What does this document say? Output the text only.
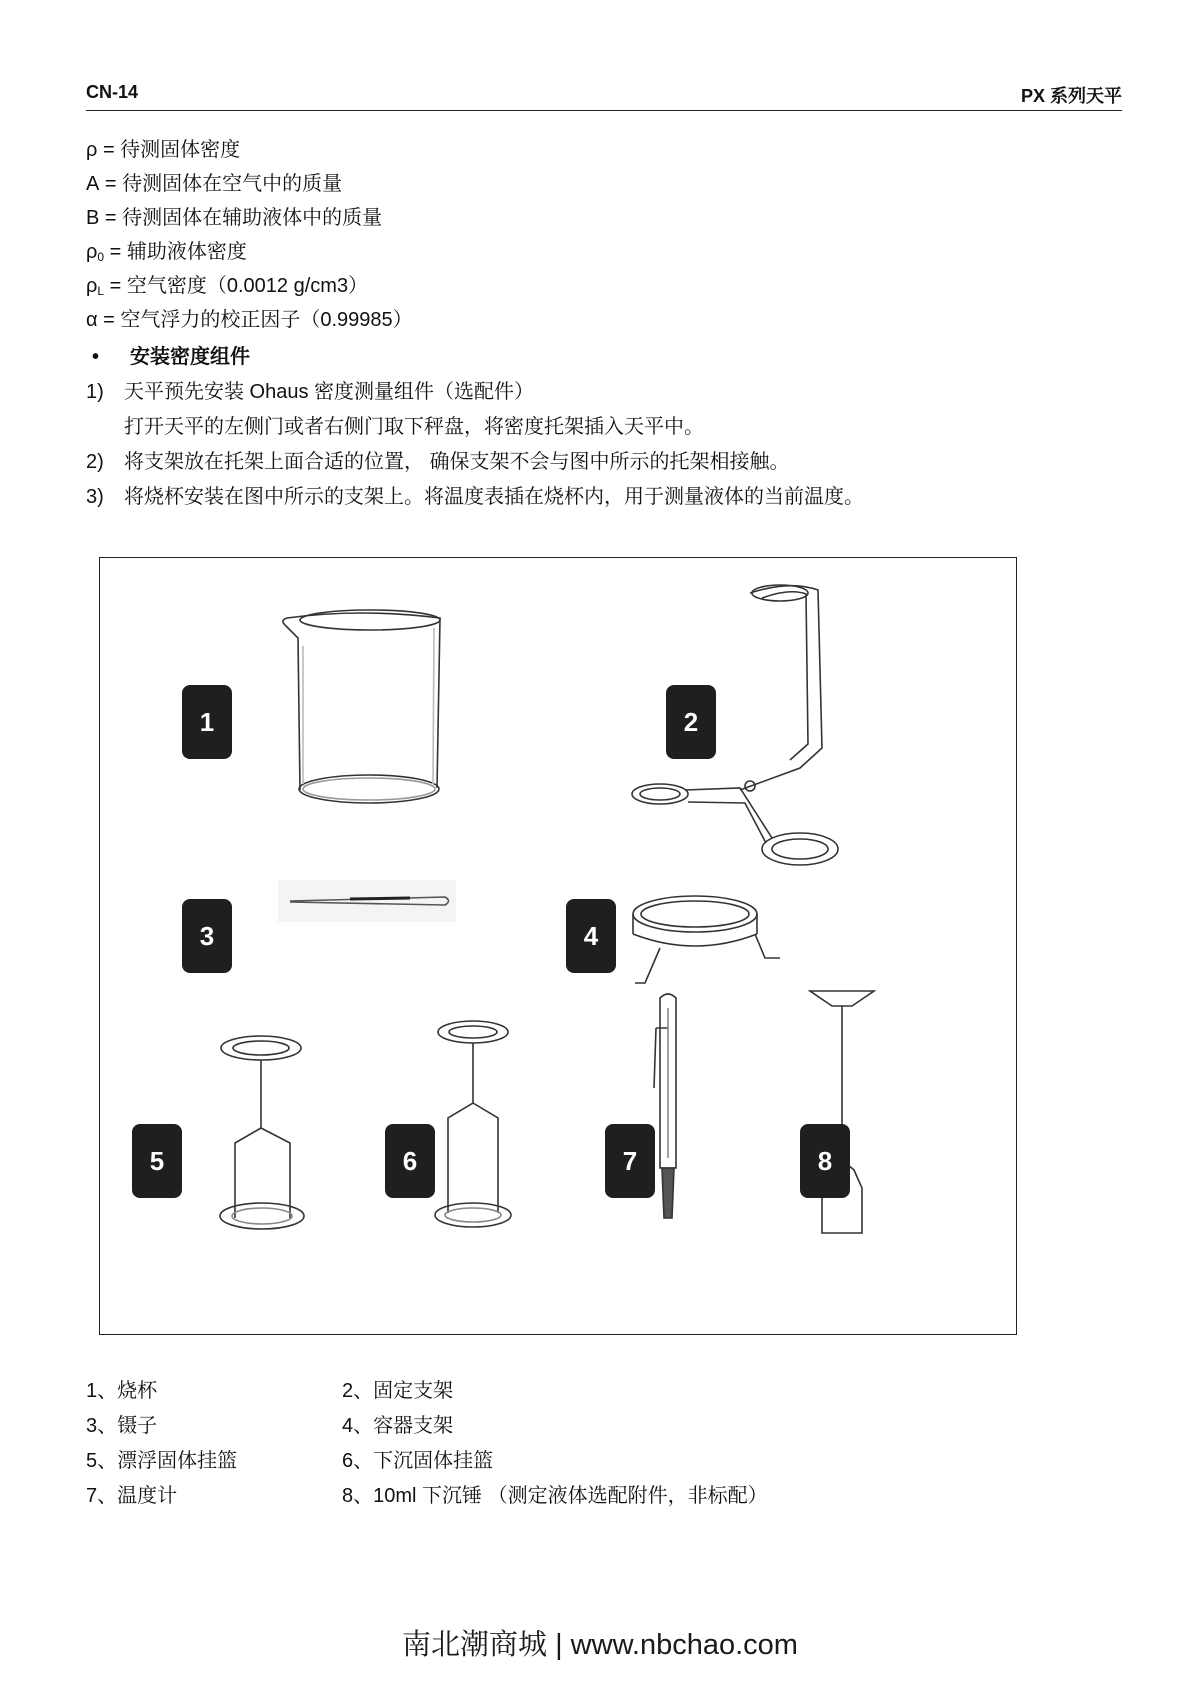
CN-14	PX 系列天平
ρ = 待测固体密度
A = 待测固体在空气中的质量
B = 待测固体在辅助液体中的质量
$\rho_0$ = 辅助液体密度
$\rho_L$ = 空气密度（0.0012 g/cm3）
α = 空气浮力的校正因子（0.99985）
• 安装密度组件
1) 天平预先安装 Ohaus 密度测量组件（选配件）
打开天平的左侧门或者右侧门取下秤盘，将密度托架插入天平中。
2) 将支架放在托架上面合适的位置， 确保支架不会与图中所示的托架相接触。
3) 将烧杯安装在图中所示的支架上。将温度表插在烧杯内，用于测量液体的当前温度。
1	2
3	4
5	6	7	8
1、烧杯	2、固定支架
3、镊子	4、容器支架
5、漂浮固体挂篮	6、下沉固体挂篮
7、温度计	8、10ml 下沉锤 （测定液体选配附件，非标配）
南北潮商城 | www.nbchao.com
